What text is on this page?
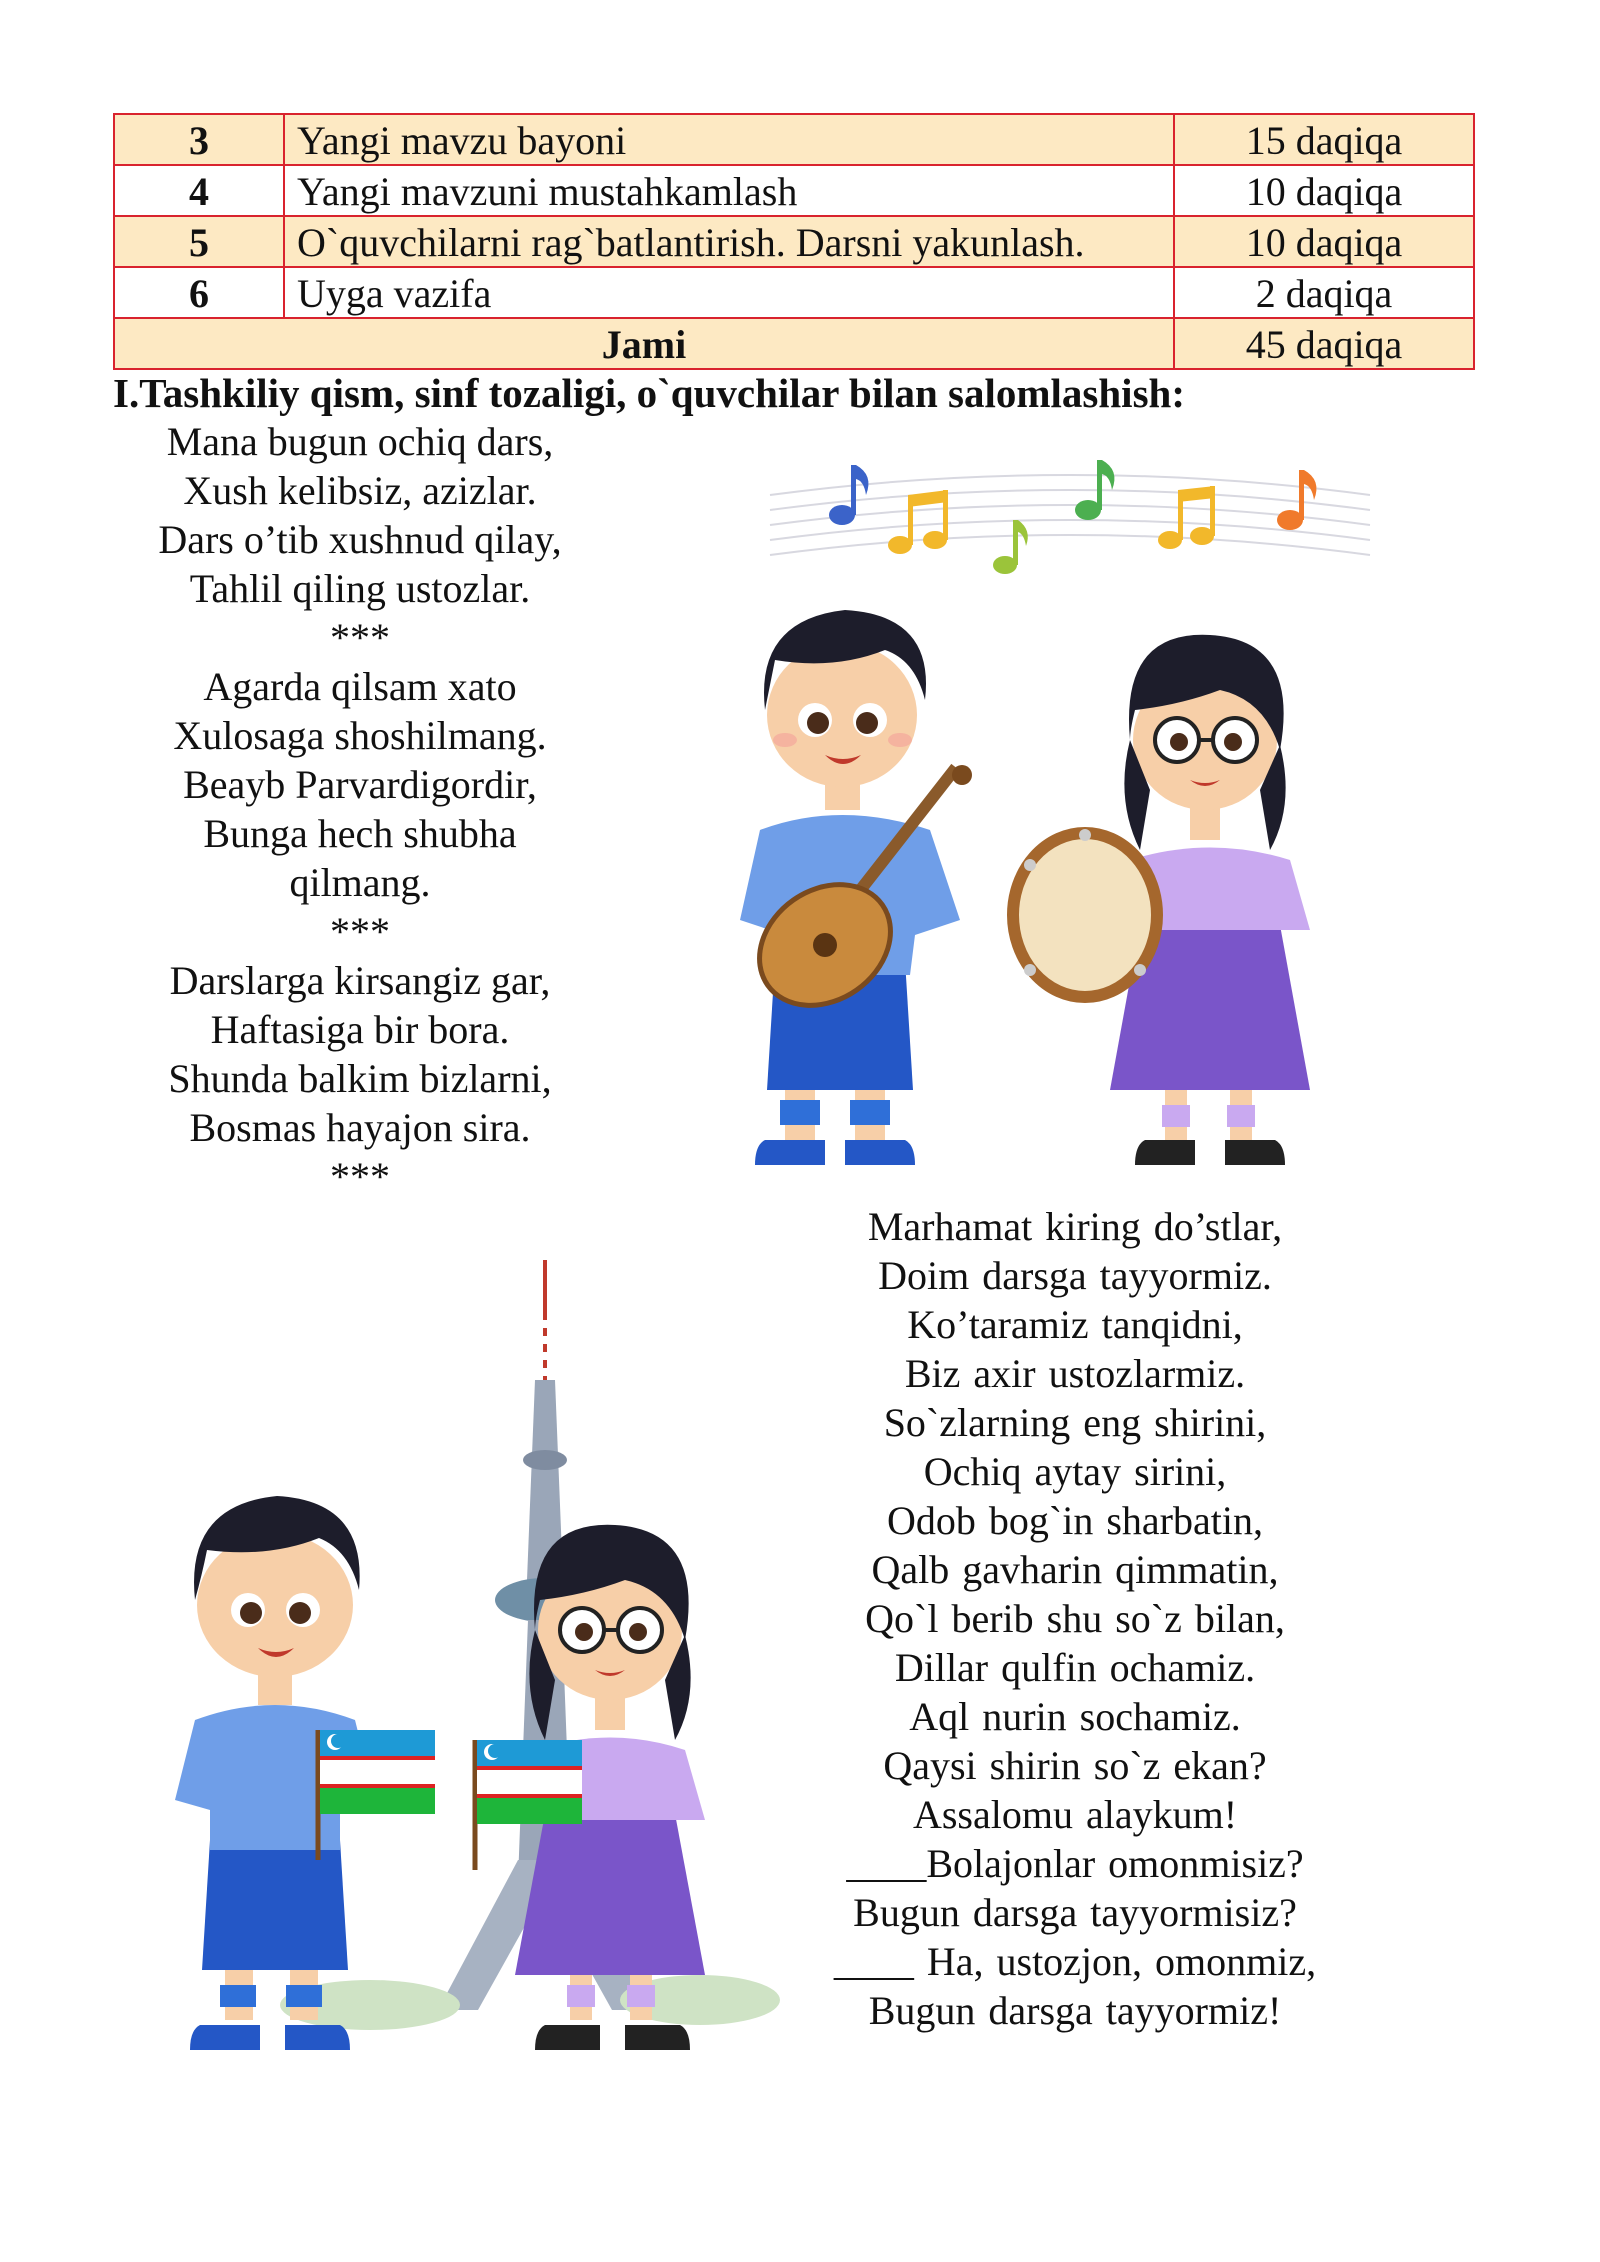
3	Yangi mavzu bayoni	15 daqiqa
4	Yangi mavzuni mustahkamlash	10 daqiqa
5	O`quvchilarni rag`batlantirish. Darsni yakunlash.	10 daqiqa
6	Uyga vazifa	2 daqiqa
Jami		45 daqiqa
I.Tashkiliy qism, sinf tozaligi, o`quvchilar bilan salomlashish:
Mana bugun ochiq dars,
Xush kelibsiz, azizlar.
Dars o’tib xushnud qilay,
Tahlil qiling ustozlar.
***
Agarda qilsam xato
Xulosaga shoshilmang.
Beayb Parvardigordir,
Bunga hech shubha
qilmang.
***
Darslarga kirsangiz gar,
Haftasiga bir bora.
Shunda balkim bizlarni,
Bosmas hayajon sira.
***
Marhamat kiring do’stlar,
Doim darsga tayyormiz.
Ko’taramiz tanqidni,
Biz axir ustozlarmiz.
So`zlarning eng shirini,
Ochiq aytay sirini,
Odob bog`in sharbatin,
Qalb gavharin qimmatin,
Qo`l berib shu so`z bilan,
Dillar qulfin ochamiz.
Aql nurin sochamiz.
Qaysi shirin so`z ekan?
Assalomu alaykum!
____Bolajonlar omonmisiz?
Bugun darsga tayyormisiz?
____ Ha, ustozjon, omonmiz,
Bugun darsga tayyormiz!
